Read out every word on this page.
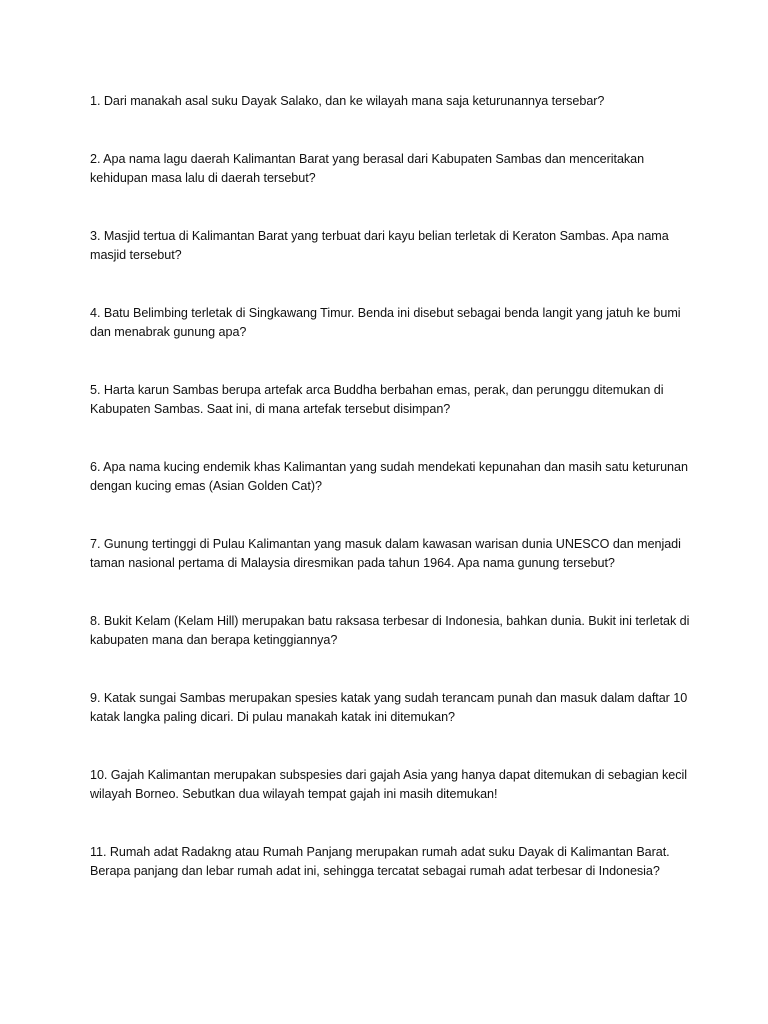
1. Dari manakah asal suku Dayak Salako, dan ke wilayah mana saja keturunannya tersebar?
2. Apa nama lagu daerah Kalimantan Barat yang berasal dari Kabupaten Sambas dan menceritakan kehidupan masa lalu di daerah tersebut?
3. Masjid tertua di Kalimantan Barat yang terbuat dari kayu belian terletak di Keraton Sambas. Apa nama masjid tersebut?
4. Batu Belimbing terletak di Singkawang Timur. Benda ini disebut sebagai benda langit yang jatuh ke bumi dan menabrak gunung apa?
5. Harta karun Sambas berupa artefak arca Buddha berbahan emas, perak, dan perunggu ditemukan di Kabupaten Sambas. Saat ini, di mana artefak tersebut disimpan?
6. Apa nama kucing endemik khas Kalimantan yang sudah mendekati kepunahan dan masih satu keturunan dengan kucing emas (Asian Golden Cat)?
7. Gunung tertinggi di Pulau Kalimantan yang masuk dalam kawasan warisan dunia UNESCO dan menjadi taman nasional pertama di Malaysia diresmikan pada tahun 1964. Apa nama gunung tersebut?
8. Bukit Kelam (Kelam Hill) merupakan batu raksasa terbesar di Indonesia, bahkan dunia. Bukit ini terletak di kabupaten mana dan berapa ketinggiannya?
9. Katak sungai Sambas merupakan spesies katak yang sudah terancam punah dan masuk dalam daftar 10 katak langka paling dicari. Di pulau manakah katak ini ditemukan?
10. Gajah Kalimantan merupakan subspesies dari gajah Asia yang hanya dapat ditemukan di sebagian kecil wilayah Borneo. Sebutkan dua wilayah tempat gajah ini masih ditemukan!
11. Rumah adat Radakng atau Rumah Panjang merupakan rumah adat suku Dayak di Kalimantan Barat. Berapa panjang dan lebar rumah adat ini, sehingga tercatat sebagai rumah adat terbesar di Indonesia?
